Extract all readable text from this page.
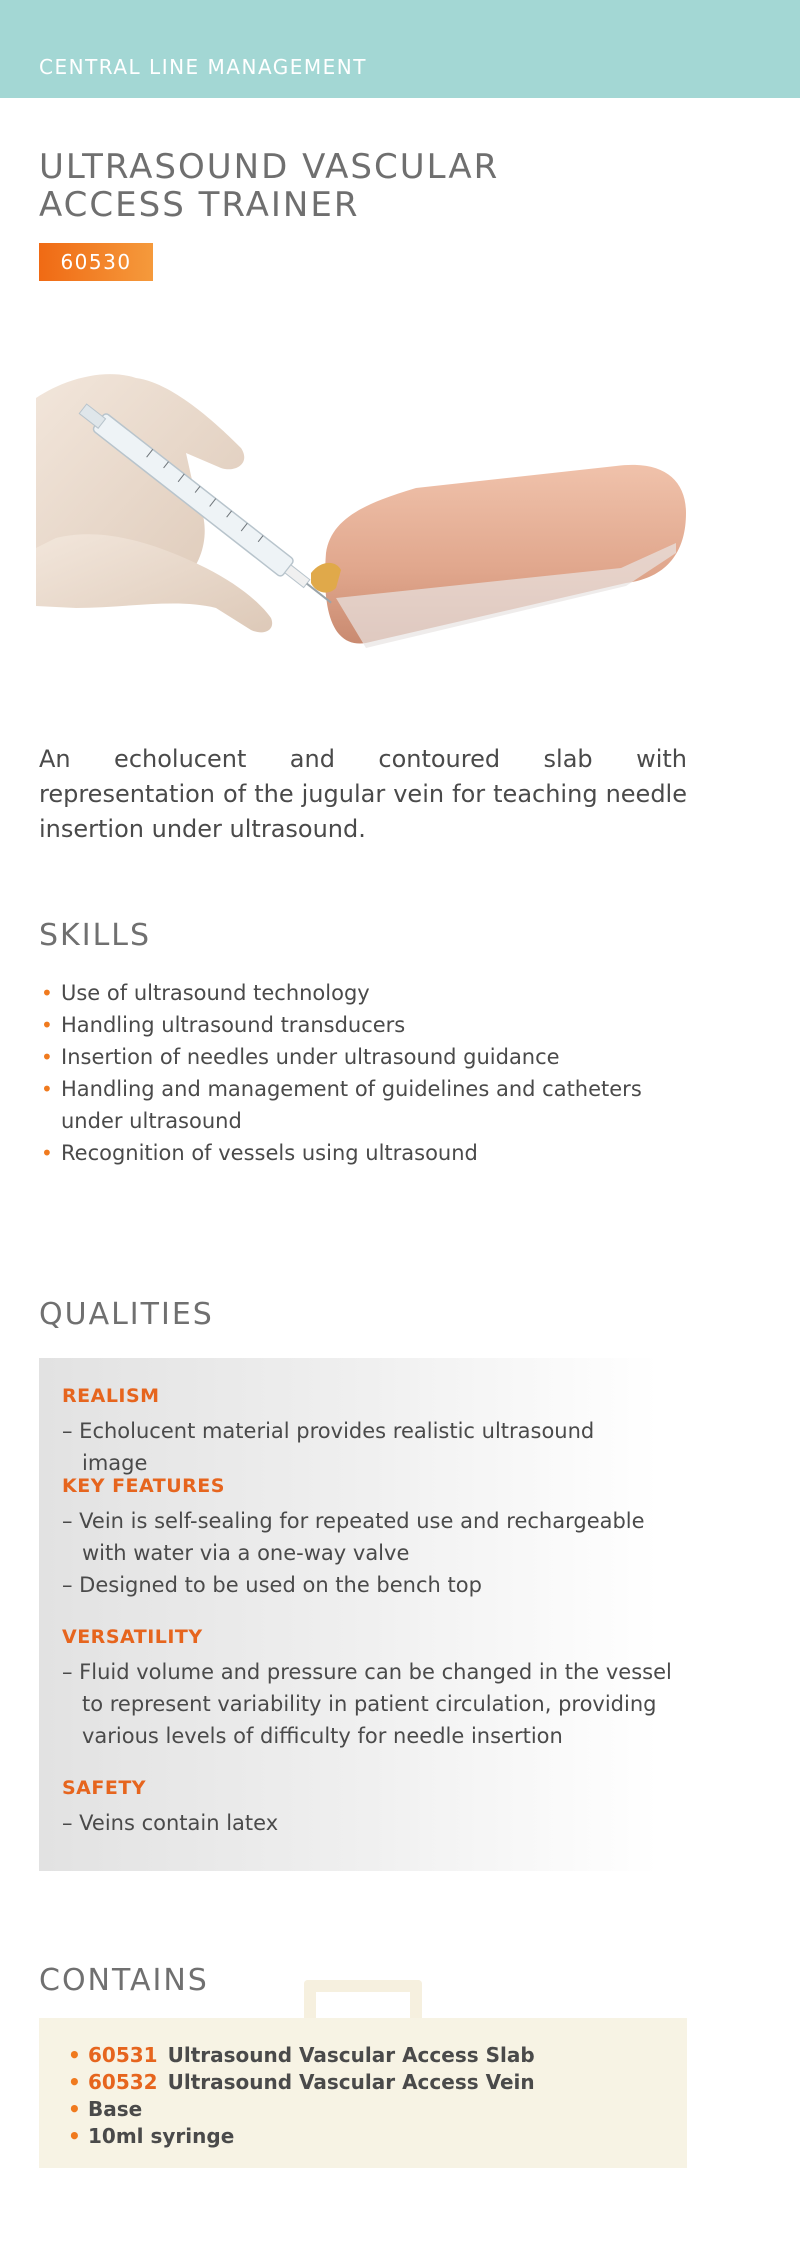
CENTRAL LINE MANAGEMENT
ULTRASOUND VASCULAR
ACCESS TRAINER
60530

An echolucent and contoured slab with representation of the jugular vein for teaching needle insertion under ultrasound.

SKILLS
• Use of ultrasound technology
• Handling ultrasound transducers
• Insertion of needles under ultrasound guidance
• Handling and management of guidelines and catheters under ultrasound
• Recognition of vessels using ultrasound
QUALITIES

REALISM

– Echolucent material provides realistic ultrasound image

KEY FEATURES

– Vein is self-sealing for repeated use and rechargeable with water via a one-way valve

– Designed to be used on the bench top

VERSATILITY

– Fluid volume and pressure can be changed in the vessel to represent variability in patient circulation, providing various levels of difficulty for needle insertion

SAFETY

– Veins contain latex

CONTAINS
• 60531 Ultrasound Vascular Access Slab
• 60532 Ultrasound Vascular Access Vein
• Base
• 10ml syringe
